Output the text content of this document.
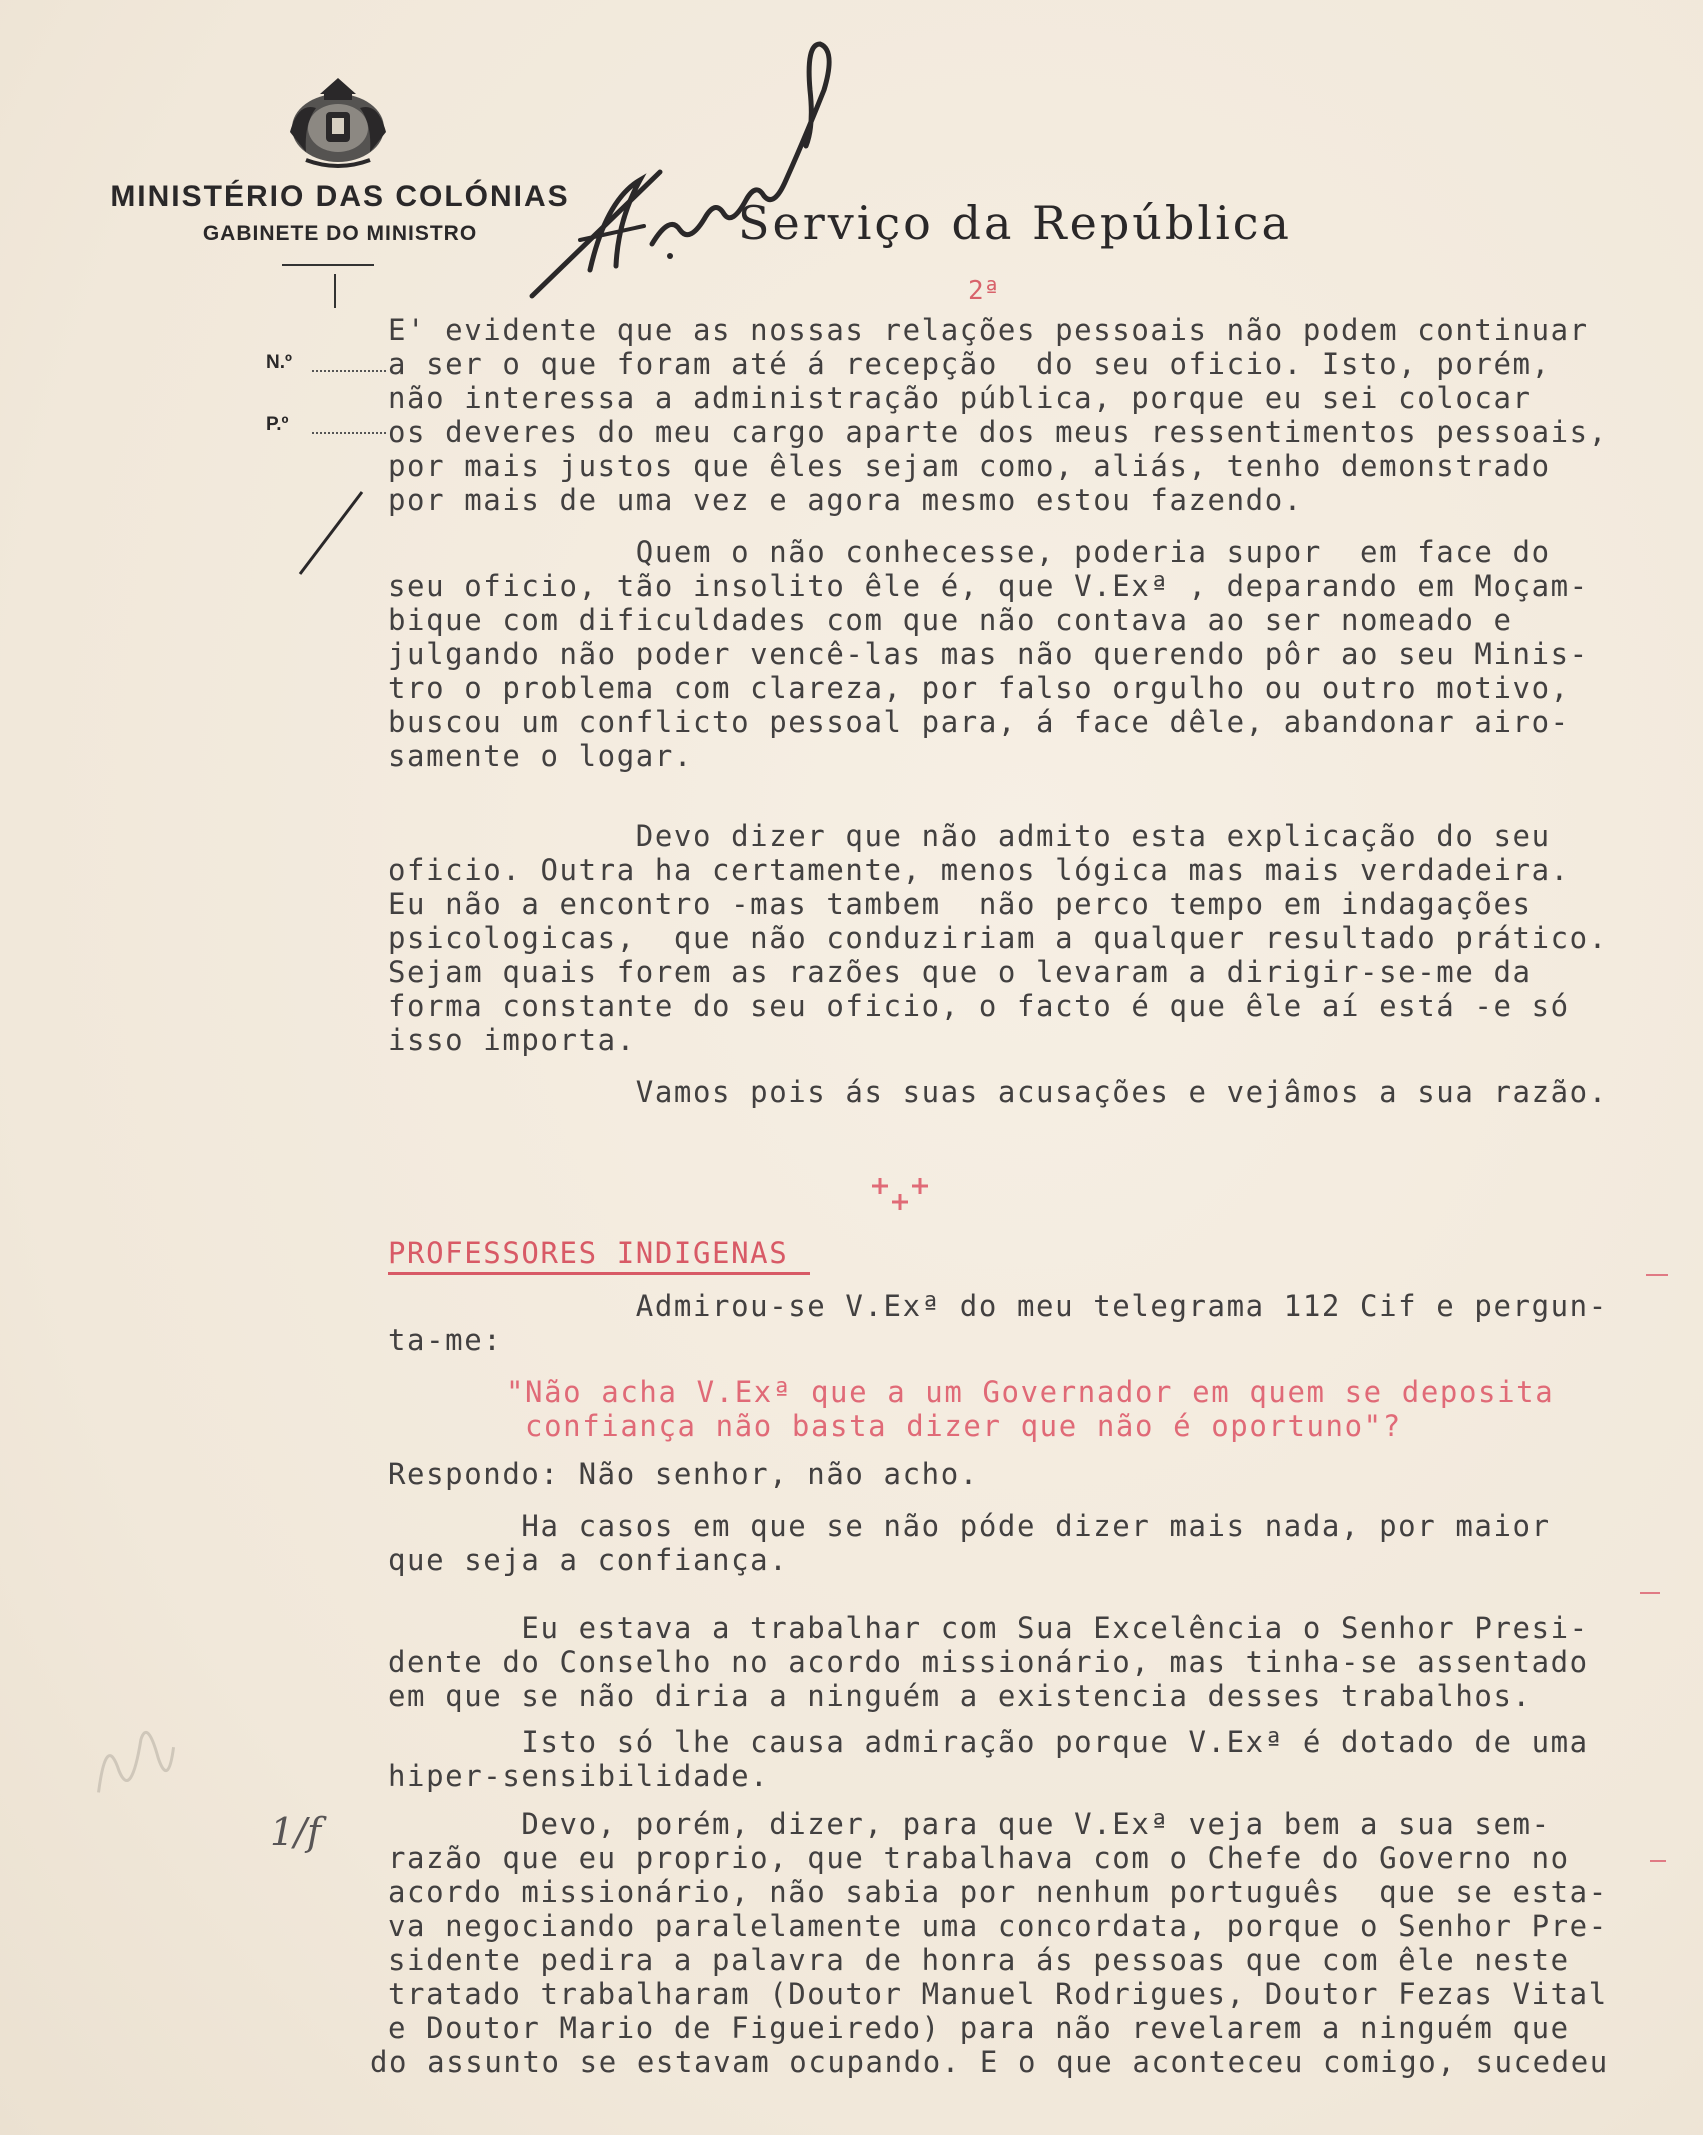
MINISTÉRIO DAS COLÓNIAS
GABINETE DO MINISTRO	Serviço da República
2ª
N.º
P.º
E' evidente que as nossas relações pessoais não podem continuar
a ser o que foram até á recepção  do seu oficio. Isto, porém,
não interessa a administração pública, porque eu sei colocar
os deveres do meu cargo aparte dos meus ressentimentos pessoais,
por mais justos que êles sejam como, aliás, tenho demonstrado
por mais de uma vez e agora mesmo estou fazendo.
Quem o não conhecesse, poderia supor  em face do
seu oficio, tão insolito êle é, que V.Exª , deparando em Moçam-
bique com dificuldades com que não contava ao ser nomeado e
julgando não poder vencê-las mas não querendo pôr ao seu Minis-
tro o problema com clareza, por falso orgulho ou outro motivo,
buscou um conflicto pessoal para, á face dêle, abandonar airo-
samente o logar.
Devo dizer que não admito esta explicação do seu
oficio. Outra ha certamente, menos lógica mas mais verdadeira.
Eu não a encontro -mas tambem  não perco tempo em indagações
psicologicas,  que não conduziriam a qualquer resultado prático.
Sejam quais forem as razões que o levaram a dirigir-se-me da
forma constante do seu oficio, o facto é que êle aí está -e só
isso importa.
Vamos pois ás suas acusações e vejâmos a sua razão.
PROFESSORES INDIGENAS
Admirou-se V.Exª do meu telegrama 112 Cif e pergun-
ta-me:
"Não acha V.Exª que a um Governador em quem se deposita
confiança não basta dizer que não é oportuno"?
Respondo: Não senhor, não acho.
Ha casos em que se não póde dizer mais nada, por maior
que seja a confiança.
Eu estava a trabalhar com Sua Excelência o Senhor Presi-
dente do Conselho no acordo missionário, mas tinha-se assentado
em que se não diria a ninguém a existencia desses trabalhos.
Isto só lhe causa admiração porque V.Exª é dotado de uma
hiper-sensibilidade.
Devo, porém, dizer, para que V.Exª veja bem a sua sem-
razão que eu proprio, que trabalhava com o Chefe do Governo no
acordo missionário, não sabia por nenhum português  que se esta-
va negociando paralelamente uma concordata, porque o Senhor Pre-
sidente pedira a palavra de honra ás pessoas que com êle neste
tratado trabalharam (Doutor Manuel Rodrigues, Doutor Fezas Vital
e Doutor Mario de Figueiredo) para não revelarem a ninguém que
do assunto se estavam ocupando. E o que aconteceu comigo, sucedeu
1/f
